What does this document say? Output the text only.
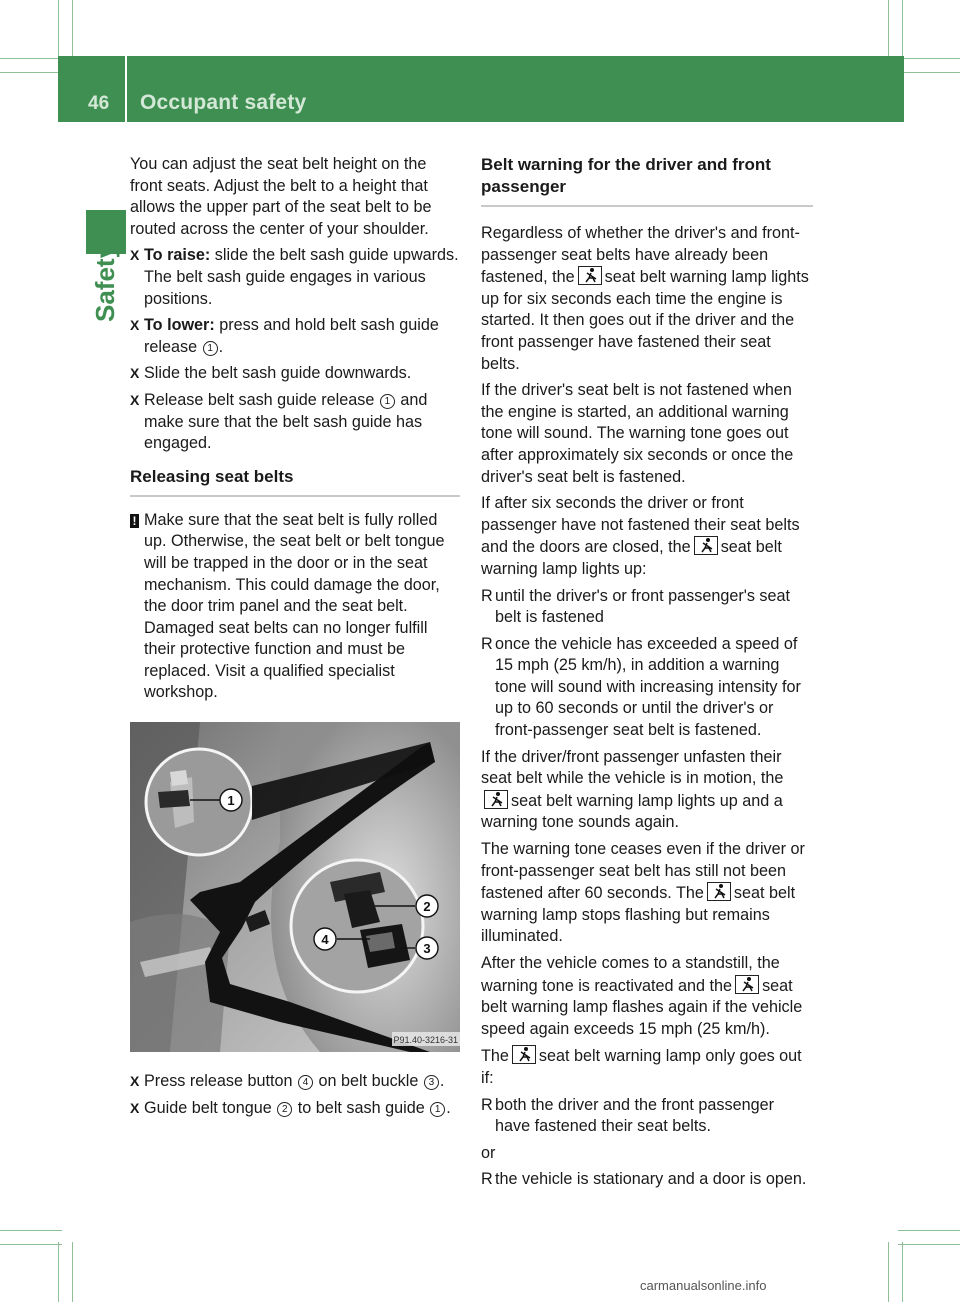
46	Occupant safety
Safety

You can adjust the seat belt height on the front seats. Adjust the belt to a height that allows the upper part of the seat belt to be routed across the center of your shoulder.

X To raise: slide the belt sash guide upwards. The belt sash guide engages in various positions.
X To lower: press and hold belt sash guide release 1 .
X Slide the belt sash guide downwards.
X Release belt sash guide release 1 and make sure that the belt sash guide has engaged.
Releasing seat belts
! Make sure that the seat belt is fully rolled up. Otherwise, the seat belt or belt tongue will be trapped in the door or in the seat mechanism. This could damage the door, the door trim panel and the seat belt. Damaged seat belts can no longer fulfill their protective function and must be replaced. Visit a qualified specialist workshop.
1
2
3
4
P91.40-3216-31
X Press release button 4 on belt buckle 3 .
X Guide belt tongue 2 to belt sash guide 1 .
Belt warning for the driver and front passenger

Regardless of whether the driver's and front-passenger seat belts have already been fastened, the seat belt warning lamp lights up for six seconds each time the engine is started. It then goes out if the driver and the front passenger have fastened their seat belts.

If the driver's seat belt is not fastened when the engine is started, an additional warning tone will sound. The warning tone goes out after approximately six seconds or once the driver's seat belt is fastened.

If after six seconds the driver or front passenger have not fastened their seat belts and the doors are closed, the seat belt warning lamp lights up:

R until the driver's or front passenger's seat belt is fastened
R once the vehicle has exceeded a speed of 15 mph (25 km/h), in addition a warning tone will sound with increasing intensity for up to 60 seconds or until the driver's or front-passenger seat belt is fastened.

If the driver/front passenger unfasten their seat belt while the vehicle is in motion, the
seat belt warning lamp lights up and a warning tone sounds again.

The warning tone ceases even if the driver or front-passenger seat belt has still not been fastened after 60 seconds. The seat belt warning lamp stops flashing but remains illuminated.

After the vehicle comes to a standstill, the warning tone is reactivated and the seat belt warning lamp flashes again if the vehicle speed again exceeds 15 mph (25 km/h).

The seat belt warning lamp only goes out if:

R both the driver and the front passenger have fastened their seat belts.

or

R the vehicle is stationary and a door is open.
carmanualsonline.info
